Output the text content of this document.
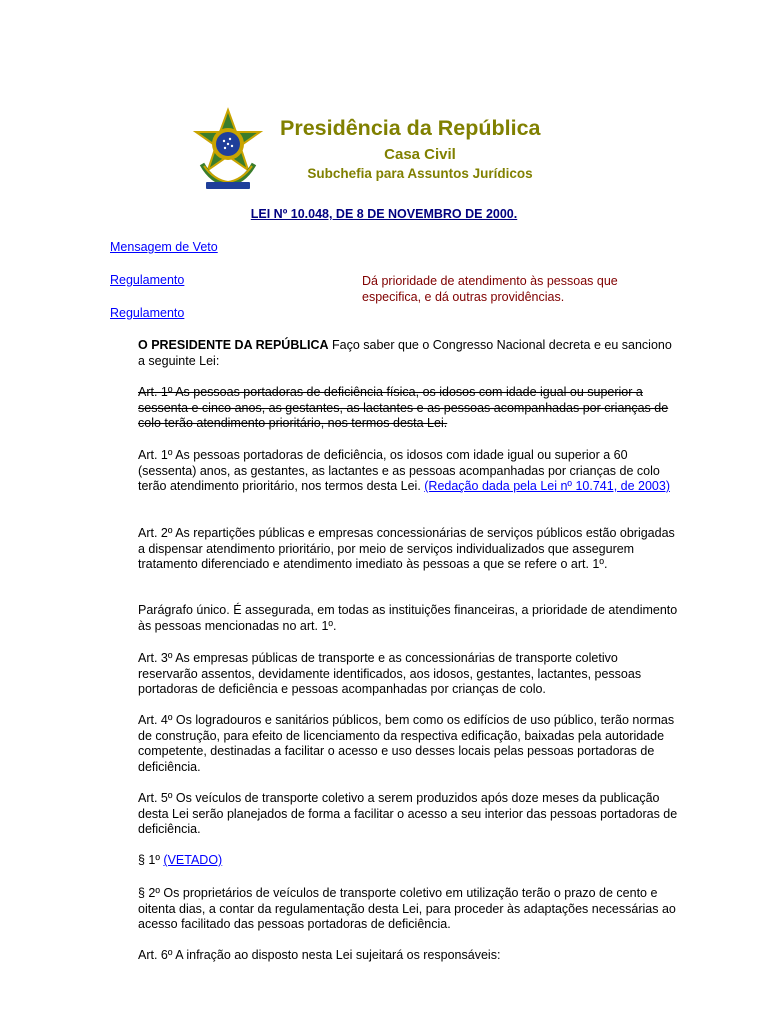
Presidência da República
Casa Civil
Subchefia para Assuntos Jurídicos
LEI Nº 10.048, DE 8 DE NOVEMBRO DE 2000.
Mensagem de Veto
Regulamento
Regulamento
Dá prioridade de atendimento às pessoas que especifica, e dá outras providências.
O PRESIDENTE DA REPÚBLICA Faço saber que o Congresso Nacional decreta e eu sanciono a seguinte Lei:
Art. 1º As pessoas portadoras de deficiência física, os idosos com idade igual ou superior a sessenta e cinco anos, as gestantes, as lactantes e as pessoas acompanhadas por crianças de colo terão atendimento prioritário, nos termos desta Lei.
Art. 1º As pessoas portadoras de deficiência, os idosos com idade igual ou superior a 60 (sessenta) anos, as gestantes, as lactantes e as pessoas acompanhadas por crianças de colo terão atendimento prioritário, nos termos desta Lei. (Redação dada pela Lei nº 10.741, de 2003)
Art. 2º As repartições públicas e empresas concessionárias de serviços públicos estão obrigadas a dispensar atendimento prioritário, por meio de serviços individualizados que assegurem tratamento diferenciado e atendimento imediato às pessoas a que se refere o art. 1º.
Parágrafo único. É assegurada, em todas as instituições financeiras, a prioridade de atendimento às pessoas mencionadas no art. 1º.
Art. 3º As empresas públicas de transporte e as concessionárias de transporte coletivo reservarão assentos, devidamente identificados, aos idosos, gestantes, lactantes, pessoas portadoras de deficiência e pessoas acompanhadas por crianças de colo.
Art. 4º Os logradouros e sanitários públicos, bem como os edifícios de uso público, terão normas de construção, para efeito de licenciamento da respectiva edificação, baixadas pela autoridade competente, destinadas a facilitar o acesso e uso desses locais pelas pessoas portadoras de deficiência.
Art. 5º Os veículos de transporte coletivo a serem produzidos após doze meses da publicação desta Lei serão planejados de forma a facilitar o acesso a seu interior das pessoas portadoras de deficiência.
§ 1º (VETADO)
§ 2º Os proprietários de veículos de transporte coletivo em utilização terão o prazo de cento e oitenta dias, a contar da regulamentação desta Lei, para proceder às adaptações necessárias ao acesso facilitado das pessoas portadoras de deficiência.
Art. 6º A infração ao disposto nesta Lei sujeitará os responsáveis:
